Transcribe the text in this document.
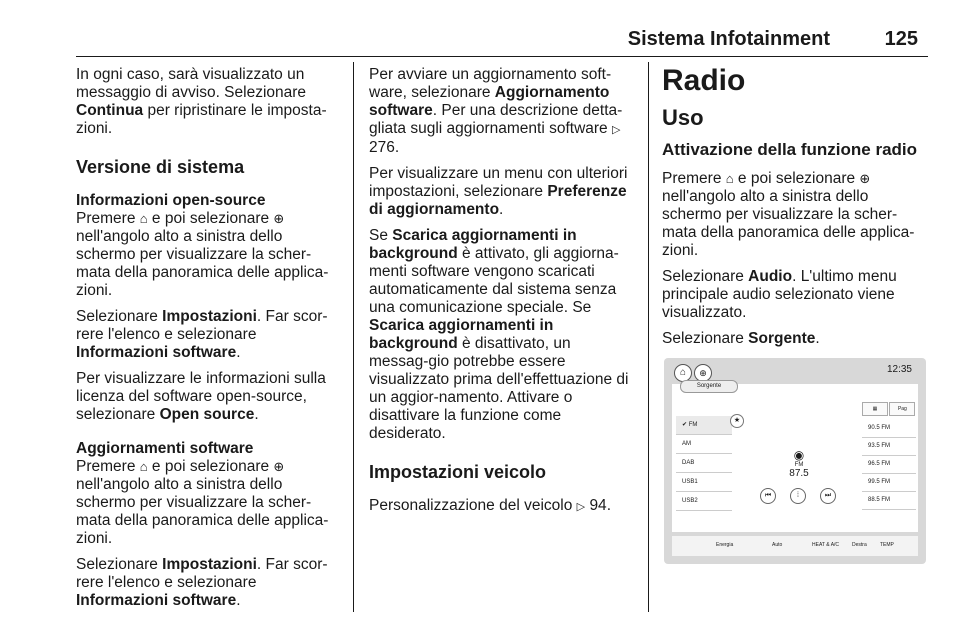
Sistema Infotainment	125

In ogni caso, sarà visualizzato un messaggio di avviso. Selezionare Continua per ripristinare le imposta-zioni.

Versione di sistema
Informazioni open-source

Premere ⌂ e poi selezionare ⊕ nell'angolo alto a sinistra dello schermo per visualizzare la scher-mata della panoramica delle applica-zioni.

Selezionare Impostazioni. Far scor-rere l'elenco e selezionare Informazioni software.

Per visualizzare le informazioni sulla licenza del software open-source, selezionare Open source.

Aggiornamenti software

Premere ⌂ e poi selezionare ⊕ nell'angolo alto a sinistra dello schermo per visualizzare la scher-mata della panoramica delle applica-zioni.

Selezionare Impostazioni. Far scor-rere l'elenco e selezionare Informazioni software.

Per avviare un aggiornamento soft-ware, selezionare Aggiornamento software. Per una descrizione detta-gliata sugli aggiornamenti software ▷ 276.

Per visualizzare un menu con ulteriori impostazioni, selezionare Preferenze di aggiornamento.

Se Scarica aggiornamenti in background è attivato, gli aggiorna-menti software vengono scaricati automaticamente dal sistema senza una comunicazione speciale. Se Scarica aggiornamenti in background è disattivato, un messag-gio potrebbe essere visualizzato prima dell'effettuazione di un aggior-namento. Attivare o disattivare la funzione come desiderato.

Impostazioni veicolo

Personalizzazione del veicolo ▷ 94.

Radio
Uso
Attivazione della funzione radio

Premere ⌂ e poi selezionare ⊕ nell'angolo alto a sinistra dello schermo per visualizzare la scher-mata della panoramica delle applica-zioni.

Selezionare Audio. L'ultimo menu principale audio selezionato viene visualizzato.

Selezionare Sorgente.

⌂	⊕	12:35
Sorgente
✔ FM
AM
DAB
USB1
USB2
★
◉
FM
87.5
⏮	⁞	⏭
▦	Pag
90.5 FM
93.5 FM
96.5 FM
99.5 FM
88.5 FM
Energia	Auto	HEAT & A/C	Destra	TEMP
